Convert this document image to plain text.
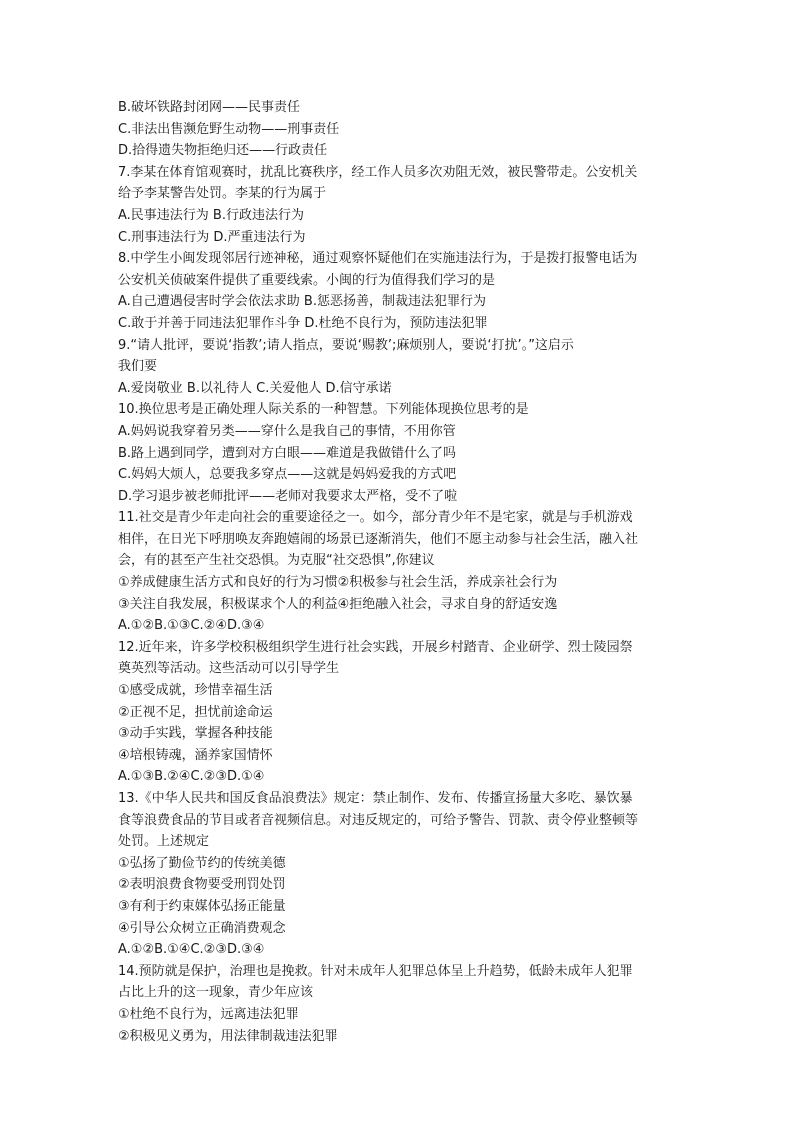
B.破坏铁路封闭网——民事责任
C.非法出售濒危野生动物——刑事责任
D.拾得遗失物拒绝归还——行政责任
7.李某在体育馆观赛时，扰乱比赛秩序，经工作人员多次劝阻无效，被民警带走。公安机关
给予李某警告处罚。李某的行为属于
A.民事违法行为 B.行政违法行为
C.刑事违法行为 D.严重违法行为
8.中学生小闽发现邻居行迹神秘，通过观察怀疑他们在实施违法行为，于是拨打报警电话为
公安机关侦破案件提供了重要线索。小闽的行为值得我们学习的是
A.自己遭遇侵害时学会依法求助 B.惩恶扬善，制裁违法犯罪行为
C.敢于并善于同违法犯罪作斗争 D.杜绝不良行为，预防违法犯罪
9.“请人批评，要说‘指教’;请人指点，要说‘赐教’;麻烦别人，要说‘打扰’。”这启示
我们要
A.爱岗敬业 B.以礼待人 C.关爱他人 D.信守承诺
10.换位思考是正确处理人际关系的一种智慧。下列能体现换位思考的是
A.妈妈说我穿着另类——穿什么是我自己的事情，不用你管
B.路上遇到同学，遭到对方白眼——难道是我做错什么了吗
C.妈妈大烦人，总要我多穿点——这就是妈妈爱我的方式吧
D.学习退步被老师批评——老师对我要求太严格，受不了啦
11.社交是青少年走向社会的重要途径之一。如今，部分青少年不是宅家，就是与手机游戏
相伴，在日光下呼朋唤友奔跑嬉闹的场景已逐渐消失，他们不愿主动参与社会生活，融入社
会，有的甚至产生社交恐惧。为克服“社交恐惧”,你建议
①养成健康生活方式和良好的行为习惯②积极参与社会生活，养成亲社会行为
③关注自我发展，积极谋求个人的利益④拒绝融入社会，寻求自身的舒适安逸
A.①②B.①③C.②④D.③④
12.近年来，许多学校积极组织学生进行社会实践，开展乡村踏青、企业研学、烈士陵园祭
奠英烈等活动。这些活动可以引导学生
①感受成就，珍惜幸福生活
②正视不足，担忧前途命运
③动手实践，掌握各种技能
④培根铸魂，涵养家国情怀
A.①③B.②④C.②③D.①④
13.《中华人民共和国反食品浪费法》规定：禁止制作、发布、传播宣扬量大多吃、暴饮暴
食等浪费食品的节目或者音视频信息。对违反规定的，可给予警告、罚款、责令停业整顿等
处罚。上述规定
①弘扬了勤俭节约的传统美德
②表明浪费食物要受刑罚处罚
③有利于约束媒体弘扬正能量
④引导公众树立正确消费观念
A.①②B.①④C.②③D.③④
14.预防就是保护，治理也是挽救。针对未成年人犯罪总体呈上升趋势，低龄未成年人犯罪
占比上升的这一现象，青少年应该
①杜绝不良行为，远离违法犯罪
②积极见义勇为，用法律制裁违法犯罪
